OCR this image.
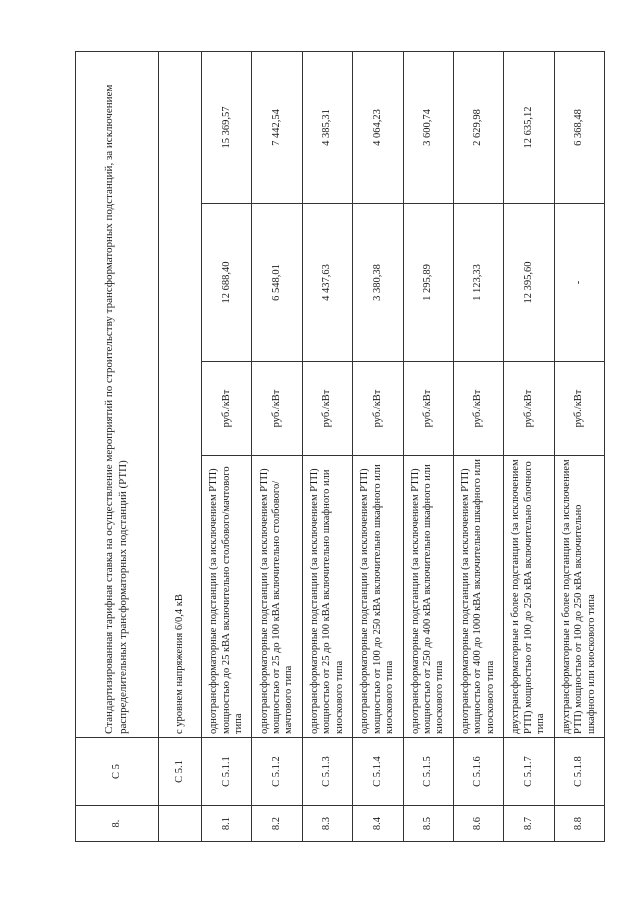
8.	С 5	Стандартизированная тарифная ставка на осуществление мероприятий по строительству трансформаторных подстанций, за исключением распределительных трансформаторных подстанций (РТП)			
	С 5.1	с уровнем напряжения 6/0,4 кВ			
8.1	С 5.1.1	однотрансформаторные подстанции (за исключением РТП) мощностью до 25 кВА включительно столбового/мачтового типа	руб./кВт	12 688,40	15 369,57
8.2	С 5.1.2	однотрансформаторные подстанции (за исключением РТП) мощностью от 25 до 100 кВА включительно столбового/мачтового типа	руб./кВт	6 548,01	7 442,54
8.3	С 5.1.3	однотрансформаторные подстанции (за исключением РТП) мощностью от 25 до 100 кВА включительно шкафного или киоскового типа	руб./кВт	4 437,63	4 385,31
8.4	С 5.1.4	однотрансформаторные подстанции (за исключением РТП) мощностью от 100 до 250 кВА включительно шкафного или киоскового типа	руб./кВт	3 380,38	4 064,23
8.5	С 5.1.5	однотрансформаторные подстанции (за исключением РТП) мощностью от 250 до 400 кВА включительно шкафного или киоскового типа	руб./кВт	1 295,89	3 600,74
8.6	С 5.1.6	однотрансформаторные подстанции (за исключением РТП) мощностью от 400 до 1000 кВА включительно шкафного или киоскового типа	руб./кВт	1 123,33	2 629,98
8.7	С 5.1.7	двухтрансформаторные и более подстанции (за исключением РТП) мощностью от 100 до 250 кВА включительно блочного типа	руб./кВт	12 395,60	12 635,12
8.8	С 5.1.8	двухтрансформаторные и более подстанции (за исключением РТП) мощностью от 100 до 250 кВА включительно шкафного или киоскового типа	руб./кВт	-	6 368,48
